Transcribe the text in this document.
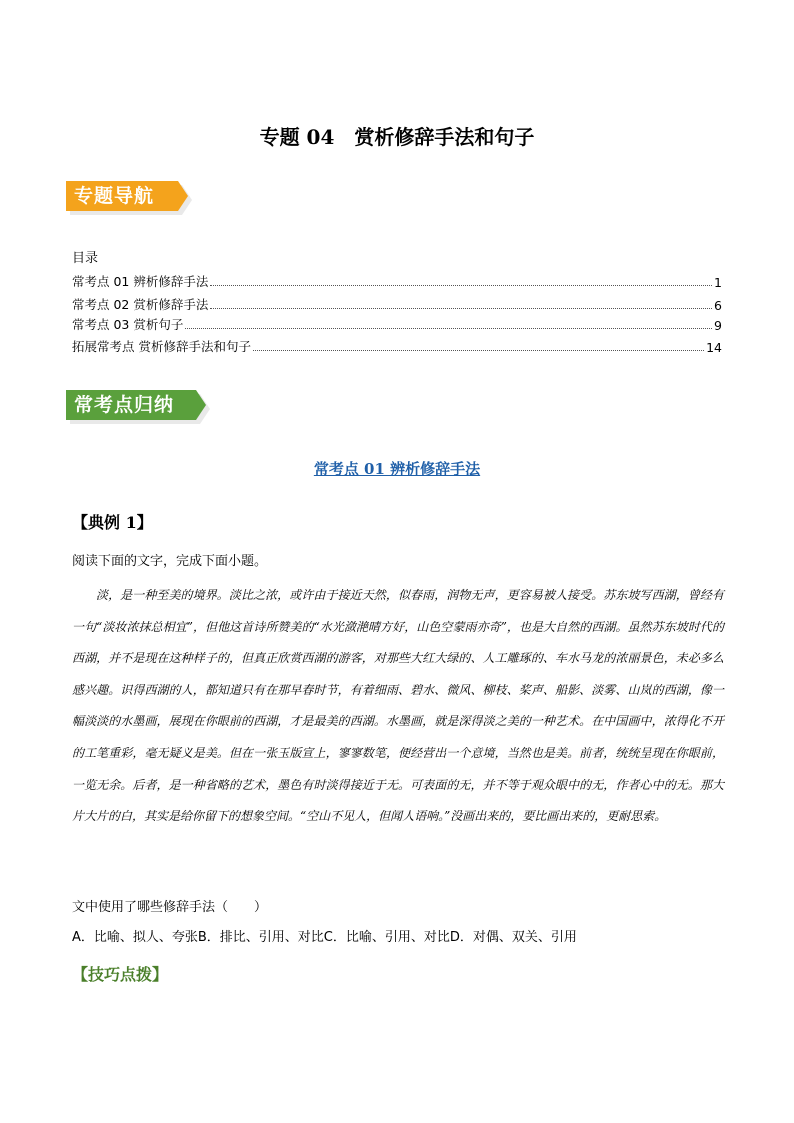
专题 04　赏析修辞手法和句子
专题导航
目录
常考点 01 辨析修辞手法	1
常考点 02 赏析修辞手法	6
常考点 03 赏析句子	9
拓展常考点 赏析修辞手法和句子	14
常考点归纳
常考点 01 辨析修辞手法
【典例 1】
阅读下面的文字，完成下面小题。
淡，是一种至美的境界。淡比之浓，或许由于接近天然，似春雨，润物无声，更容易被人接受。苏东坡写西湖，曾经有一句“淡妆浓抹总相宜”，但他这首诗所赞美的“水光潋滟晴方好，山色空蒙雨亦奇”，也是大自然的西湖。虽然苏东坡时代的西湖，并不是现在这种样子的，但真正欣赏西湖的游客，对那些大红大绿的、人工雕琢的、车水马龙的浓丽景色，未必多么感兴趣。识得西湖的人，都知道只有在那早春时节，有着细雨、碧水、微风、柳枝、桨声、船影、淡雾、山岚的西湖，像一幅淡淡的水墨画，展现在你眼前的西湖，才是最美的西湖。水墨画，就是深得淡之美的一种艺术。在中国画中，浓得化不开的工笔重彩，毫无疑义是美。但在一张玉版宣上，寥寥数笔，便经营出一个意境，当然也是美。前者，统统呈现在你眼前，一览无余。后者，是一种省略的艺术，墨色有时淡得接近于无。可表面的无，并不等于观众眼中的无，作者心中的无。那大片大片的白，其实是给你留下的想象空间。“空山不见人，但闻人语响。”没画出来的，要比画出来的，更耐思索。
文中使用了哪些修辞手法（　　）
A．比喻、拟人、夸张B．排比、引用、对比C．比喻、引用、对比D．对偶、双关、引用
【技巧点拨】
